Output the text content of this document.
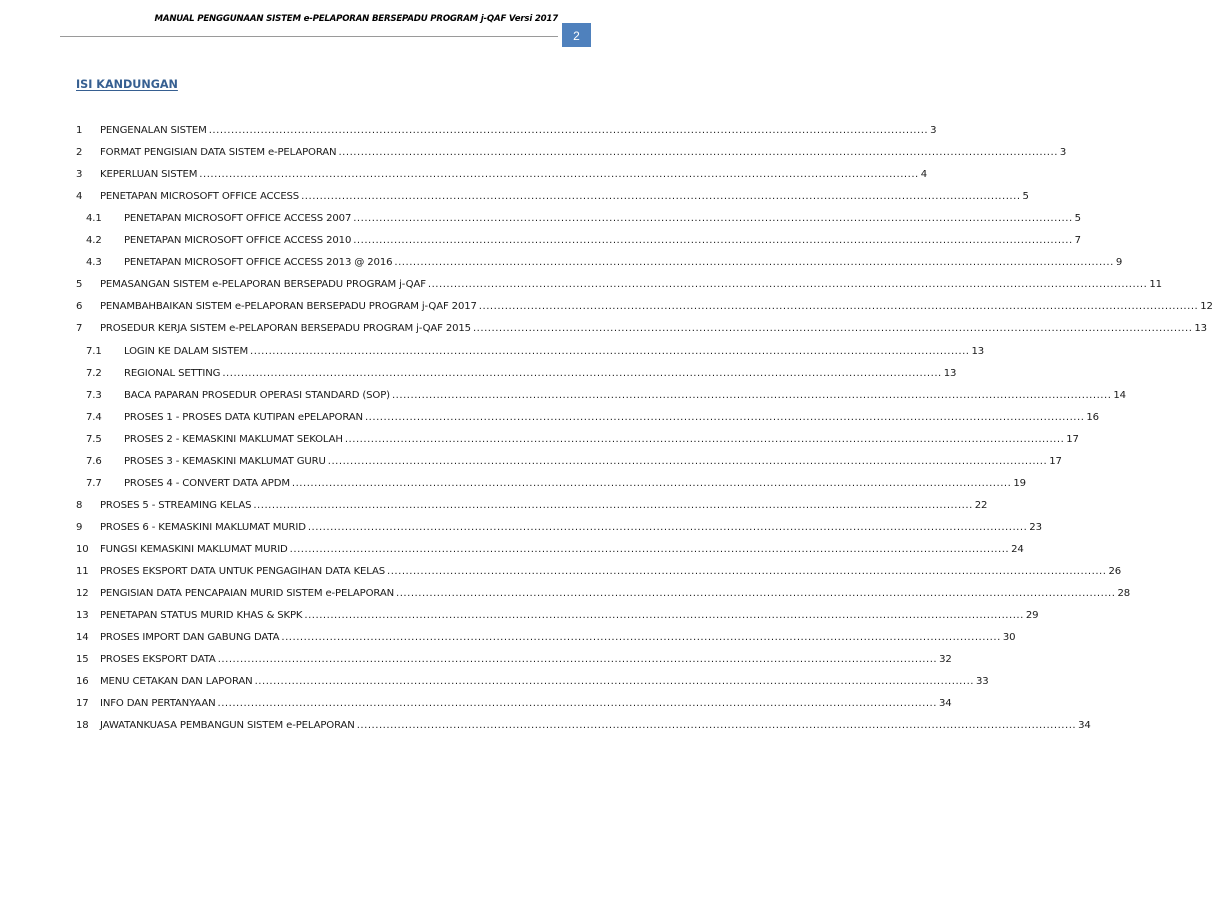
MANUAL PENGGUNAAN SISTEM e-PELAPORAN BERSEPADU PROGRAM j-QAF Versi 2017
2
ISI KANDUNGAN
1	PENGENALAN SISTEM .....	3
2	FORMAT PENGISIAN DATA SISTEM e-PELAPORAN .....	3
3	KEPERLUAN SISTEM .....	4
4	PENETAPAN MICROSOFT OFFICE ACCESS .....	5
4.1	PENETAPAN MICROSOFT OFFICE ACCESS 2007 .....	5
4.2	PENETAPAN MICROSOFT OFFICE ACCESS 2010 .....	7
4.3	PENETAPAN MICROSOFT OFFICE ACCESS 2013 @ 2016 .....	9
5	PEMASANGAN SISTEM e-PELAPORAN BERSEPADU PROGRAM j-QAF .....	11
6	PENAMBAHBAIKAN SISTEM e-PELAPORAN BERSEPADU PROGRAM j-QAF 2017 .....	12
7	PROSEDUR KERJA SISTEM e-PELAPORAN BERSEPADU PROGRAM j-QAF 2015 .....	13
7.1	LOGIN KE DALAM SISTEM .....	13
7.2	REGIONAL SETTING .....	13
7.3	BACA PAPARAN PROSEDUR OPERASI STANDARD (SOP) .....	14
7.4	PROSES 1 - PROSES DATA KUTIPAN ePELAPORAN .....	16
7.5	PROSES 2 - KEMASKINI MAKLUMAT SEKOLAH .....	17
7.6	PROSES 3 - KEMASKINI MAKLUMAT GURU .....	17
7.7	PROSES 4 - CONVERT DATA APDM .....	19
8	PROSES 5 - STREAMING KELAS .....	22
9	PROSES 6 - KEMASKINI MAKLUMAT MURID .....	23
10	FUNGSI KEMASKINI MAKLUMAT MURID .....	24
11	PROSES EKSPORT DATA UNTUK PENGAGIHAN DATA KELAS .....	26
12	PENGISIAN DATA PENCAPAIAN MURID SISTEM e-PELAPORAN .....	28
13	PENETAPAN STATUS MURID KHAS & SKPK .....	29
14	PROSES IMPORT DAN GABUNG DATA .....	30
15	PROSES EKSPORT DATA .....	32
16	MENU CETAKAN DAN LAPORAN .....	33
17	INFO DAN PERTANYAAN .....	34
18	JAWATANKUASA PEMBANGUN SISTEM e-PELAPORAN .....	34
